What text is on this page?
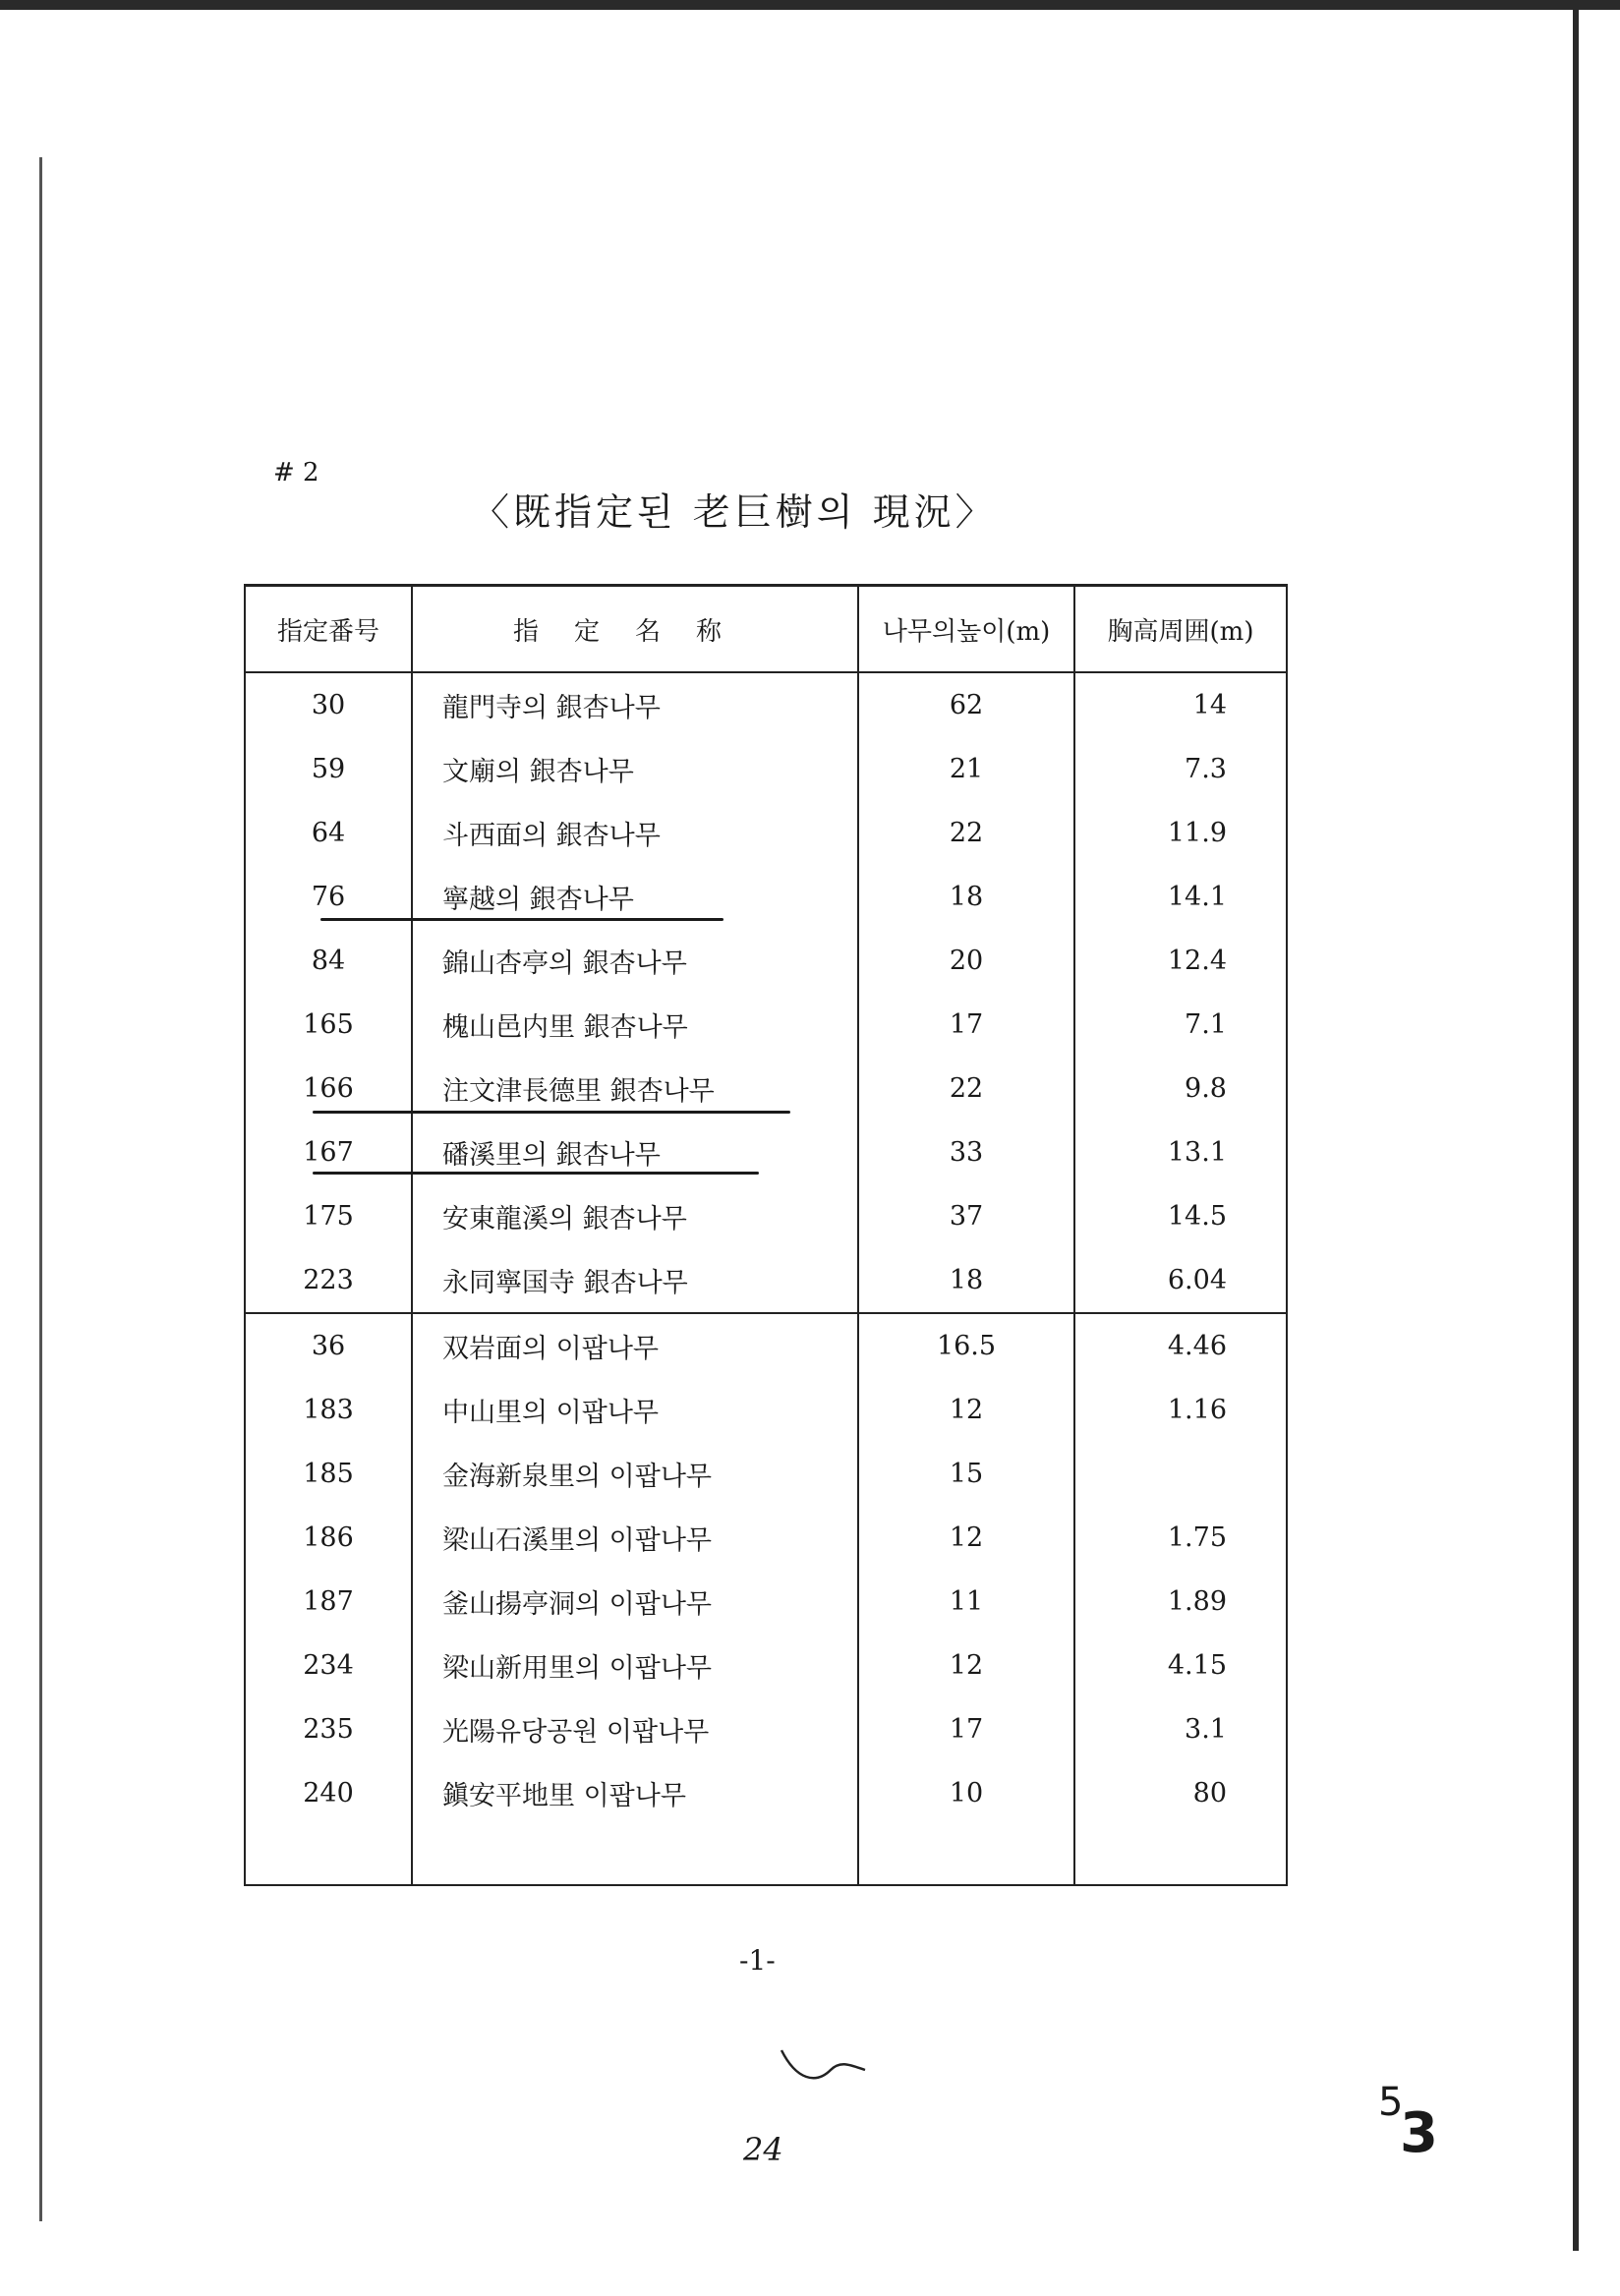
# 2
〈既指定된 老巨樹의 現況〉
指定番号	指定名称	나무의높이(m)	胸高周囲(m)
30	龍門寺의 銀杏나무	62	14
59	文廟의 銀杏나무	21	7.3
64	斗西面의 銀杏나무	22	11.9
76	寧越의 銀杏나무	18	14.1
84	錦山杏亭의 銀杏나무	20	12.4
165	槐山邑内里 銀杏나무	17	7.1
166	注文津長德里 銀杏나무	22	9.8
167	磻溪里의 銀杏나무	33	13.1
175	安東龍溪의 銀杏나무	37	14.5
223	永同寧国寺 銀杏나무	18	6.04
36	双岩面의 이팝나무	16.5	4.46
183	中山里의 이팝나무	12	1.16
185	金海新泉里의 이팝나무	15	
186	梁山石溪里의 이팝나무	12	1.75
187	釜山揚亭洞의 이팝나무	11	1.89
234	梁山新用里의 이팝나무	12	4.15
235	光陽유당공원 이팝나무	17	3.1
240	鎭安平地里 이팝나무	10	80

-1-
24
5
3
